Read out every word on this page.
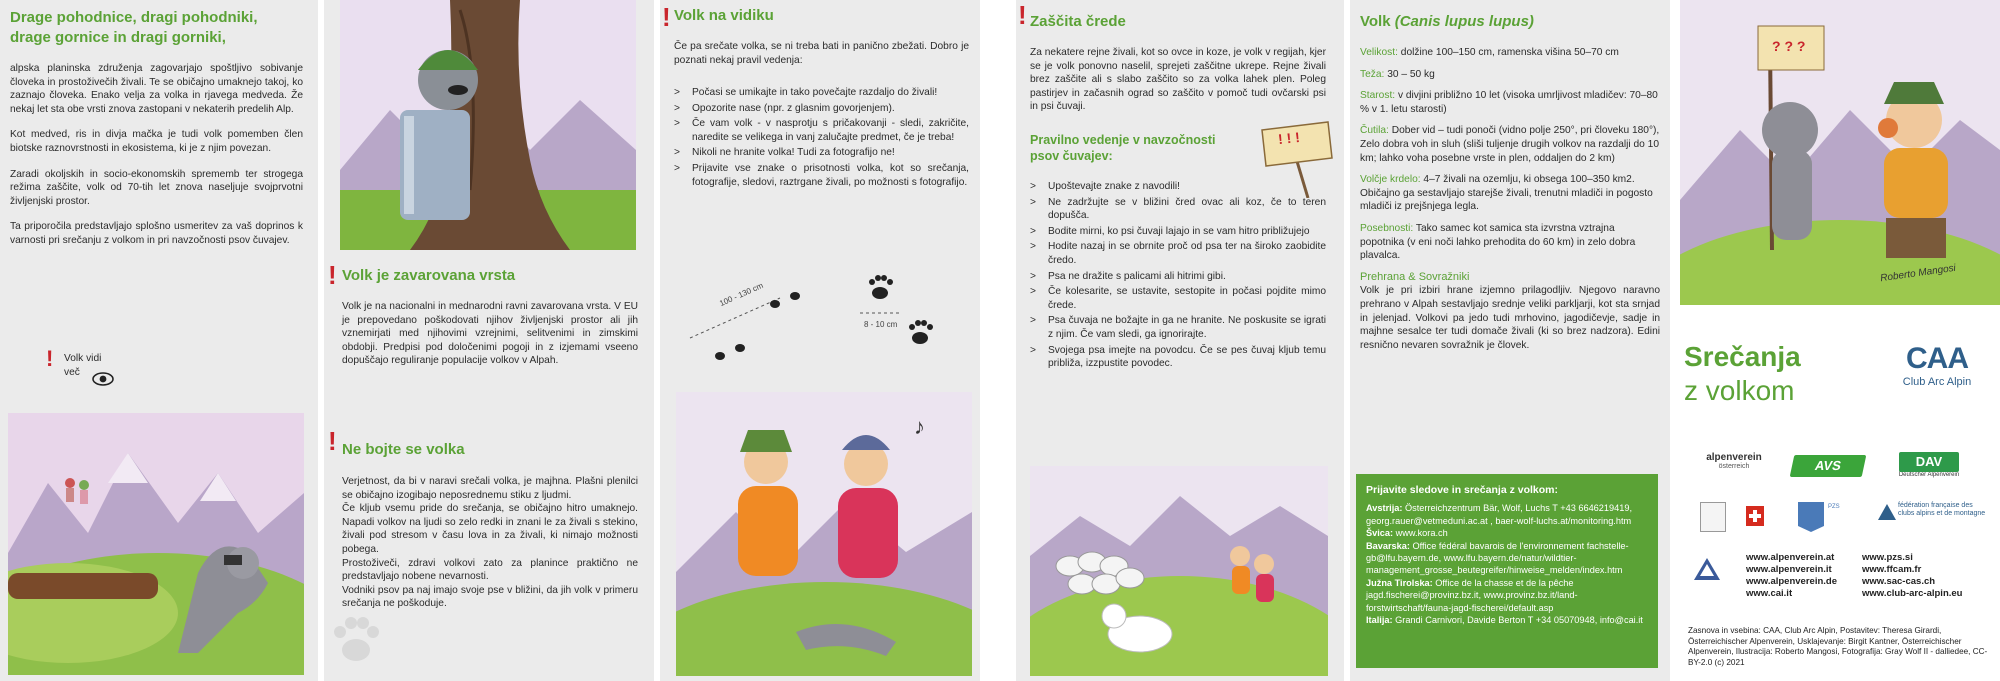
Drage pohodnice, dragi pohodniki,
drage gornice in dragi gorniki,

alpska planinska združenja zagovarjajo spoštljivo sobivanje človeka in prostoživečih živali. Te se običajno umaknejo takoj, ko zaznajo človeka. Enako velja za volka in rjavega medveda. Že nekaj let sta obe vrsti znova zastopani v nekaterih predelih Alp.

Kot medved, ris in divja mačka je tudi volk pomemben člen biotske raznovrstnosti in ekosistema, ki je z njim povezan.

Zaradi okoljskih in socio-ekonomskih sprememb ter strogega režima zaščite, volk od 70-tih let znova naseljuje svojprvotni življenjski prostor.

Ta priporočila predstavljajo splošno usmeritev za vaš doprinos k varnosti pri srečanju z volkom in pri navzočnosti psov čuvajev.

! Volk vidi
več
! Volk je zavarovana vrsta

Volk je na nacionalni in mednarodni ravni zavarovana vrsta. V EU je prepovedano poškodovati njihov življenjski prostor ali jih vznemirjati med njihovimi vzrejnimi, selitvenimi in zimskimi obdobji. Predpisi pod določenimi pogoji in z izjemami vseeno dopuščajo reguliranje populacije volkov v Alpah.

! Ne bojte se volka
Verjetnost, da bi v naravi srečali volka, je majhna. Plašni plenilci se običajno izogibajo neposrednemu stiku z ljudmi.
Če kljub vsemu pride do srečanja, se običajno hitro umaknejo. Napadi volkov na ljudi so zelo redki in znani le za živali s stekino, živali pod stresom v času lova in za živali, ki nimajo možnosti pobega.
Prostoživeči, zdravi volkovi zato za planince praktično ne predstavljajo nobene nevarnosti.
Vodniki psov pa naj imajo svoje pse v bližini, da jih volk v primeru srečanja ne poškoduje.
! Volk na vidiku

Če pa srečate volka, se ni treba bati in panično zbežati. Dobro je poznati nekaj pravil vedenja:

> Počasi se umikajte in tako povečajte razdaljo do živali!
> Opozorite nase (npr. z glasnim govorjenjem).
> Če vam volk - v nasprotju s pričakovanji - sledi, zakričite, naredite se velikega in vanj zalučajte predmet, če je treba!
> Nikoli ne hranite volka! Tudi za fotografijo ne!
> Prijavite vse znake o prisotnosti volka, kot so srečanja, fotografije, sledovi, raztrgane živali, po možnosti s fotografijo.
100 - 130 cm
8 - 10 cm
♪
! Zaščita črede

Za nekatere rejne živali, kot so ovce in koze, je volk v regijah, kjer se je volk ponovno naselil, sprejeti zaščitne ukrepe. Rejne živali brez zaščite ali s slabo zaščito so za volka lahek plen. Poleg pastirjev in začasnih ograd so zaščito v pomoč tudi ovčarski psi in psi čuvaji.

Pravilno vedenje v navzočnosti
psov čuvajev:
! ! !
> Upoštevajte znake z navodili!
> Ne zadržujte se v bližini čred ovac ali koz, če to teren dopušča.
> Bodite mirni, ko psi čuvaji lajajo in se vam hitro približujejo
> Hodite nazaj in se obrnite proč od psa ter na široko zaobidite čredo.
> Psa ne dražite s palicami ali hitrimi gibi.
> Če kolesarite, se ustavite, sestopite in počasi pojdite mimo črede.
> Psa čuvaja ne božajte in ga ne hranite. Ne poskusite se igrati z njim. Če vam sledi, ga ignorirajte.
> Svojega psa imejte na povodcu. Če se pes čuvaj kljub temu približa, izzpustite povodec.
Volk (Canis lupus lupus)
Velikost: dolžine 100–150 cm, ramenska višina 50–70 cm
Teža: 30 – 50 kg
Starost: v divjini približno 10 let (visoka umrljivost mladičev: 70–80 % v 1. letu starosti)
Čutila: Dober vid – tudi ponoči (vidno polje 250°, pri človeku 180°), Zelo dobra voh in sluh (sliši tuljenje drugih volkov na razdalji do 10 km; lahko voha posebne vrste in plen, oddaljen do 2 km)
Volčje krdelo: 4–7 živali na ozemlju, ki obsega 100–350 km2. Običajno ga sestavljajo starejše živali, trenutni mladiči in pogosto mladiči iz prejšnjega legla.
Posebnosti: Tako samec kot samica sta izvrstna vztrajna popotnika (v eni noči lahko prehodita do 60 km) in zelo dobra plavalca.
Prehrana & Sovražniki
Volk je pri izbiri hrane izjemno prilagodljiv. Njegovo naravno prehrano v Alpah sestavljajo srednje veliki parkljarji, kot sta srnjad in jelenjad. Volkovi pa jedo tudi mrhovino, jagodičevje, sadje in majhne sesalce ter tudi domače živali (ki so brez nadzora). Edini resnično nevaren sovražnik je človek.
Prijavite sledove in srečanja z volkom:
Avstrija: Österreichzentrum Bär, Wolf, Luchs T +43 6646219419, georg.rauer@vetmeduni.ac.at , baer-wolf-luchs.at/monitoring.htm
Švica: www.kora.ch
Bavarska: Office fédéral bavarois de l'environnement fachstelle-gb@lfu.bayern.de, www.lfu.bayern.de/natur/wildtier-management_grosse_beutegreifer/hinweise_melden/index.htm
Južna Tirolska: Office de la chasse et de la pêche jagd.fischerei@provinz.bz.it, www.provinz.bz.it/land-forstwirtschaft/fauna-jagd-fischerei/default.asp
Italija: Grandi Carnivori, Davide Berton T +34 05070948, info@cai.it
? ? ?
Roberto Mangosi
Srečanja
z volkom
CAA
Club Arc Alpin
alpenverein
österreich	AVS	DAV
Deutscher Alpenverein
PZS	fédération française des clubs alpins et de montagne
www.alpenverein.at
www.alpenverein.it
www.alpenverein.de
www.cai.it
www.pzs.si
www.ffcam.fr
www.sac-cas.ch
www.club-arc-alpin.eu
Zasnova in vsebina: CAA, Club Arc Alpin, Postavitev: Theresa Girardi, Österreichischer Alpenverein, Usklajevanje: Birgit Kantner, Österreichischer Alpenverein, Ilustracija: Roberto Mangosi, Fotografija: Gray Wolf II - dalliedee, CC-BY-2.0 (c) 2021
